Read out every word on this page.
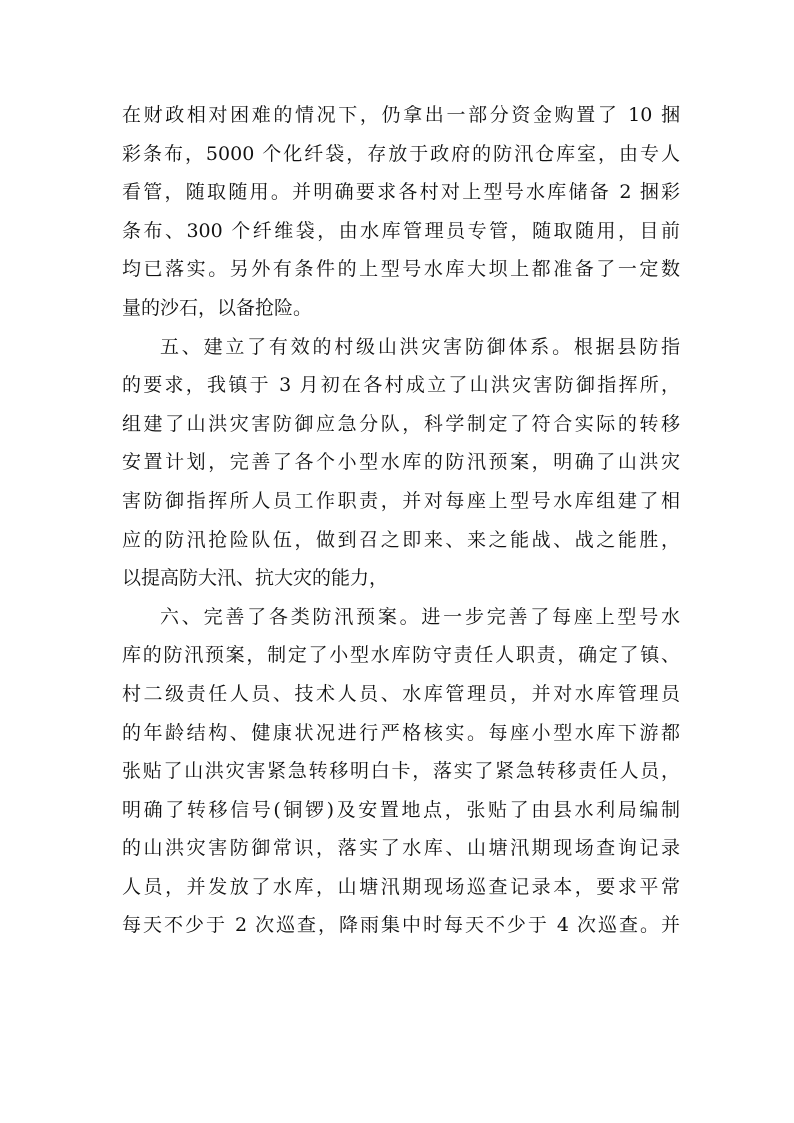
在财政相对困难的情况下，仍拿出一部分资金购置了 10 捆
彩条布，5000 个化纤袋，存放于政府的防汛仓库室，由专人
看管，随取随用。并明确要求各村对上型号水库储备 2 捆彩
条布、300 个纤维袋，由水库管理员专管，随取随用，目前
均已落实。另外有条件的上型号水库大坝上都准备了一定数
量的沙石，以备抢险。
五、建立了有效的村级山洪灾害防御体系。根据县防指
的要求，我镇于 3 月初在各村成立了山洪灾害防御指挥所，
组建了山洪灾害防御应急分队，科学制定了符合实际的转移
安置计划，完善了各个小型水库的防汛预案，明确了山洪灾
害防御指挥所人员工作职责，并对每座上型号水库组建了相
应的防汛抢险队伍，做到召之即来、来之能战、战之能胜，
以提高防大汛、抗大灾的能力，
六、完善了各类防汛预案。进一步完善了每座上型号水
库的防汛预案，制定了小型水库防守责任人职责，确定了镇、
村二级责任人员、技术人员、水库管理员，并对水库管理员
的年龄结构、健康状况进行严格核实。每座小型水库下游都
张贴了山洪灾害紧急转移明白卡，落实了紧急转移责任人员，
明确了转移信号(铜锣)及安置地点，张贴了由县水利局编制
的山洪灾害防御常识，落实了水库、山塘汛期现场查询记录
人员，并发放了水库，山塘汛期现场巡查记录本，要求平常
每天不少于 2 次巡查，降雨集中时每天不少于 4 次巡查。并
